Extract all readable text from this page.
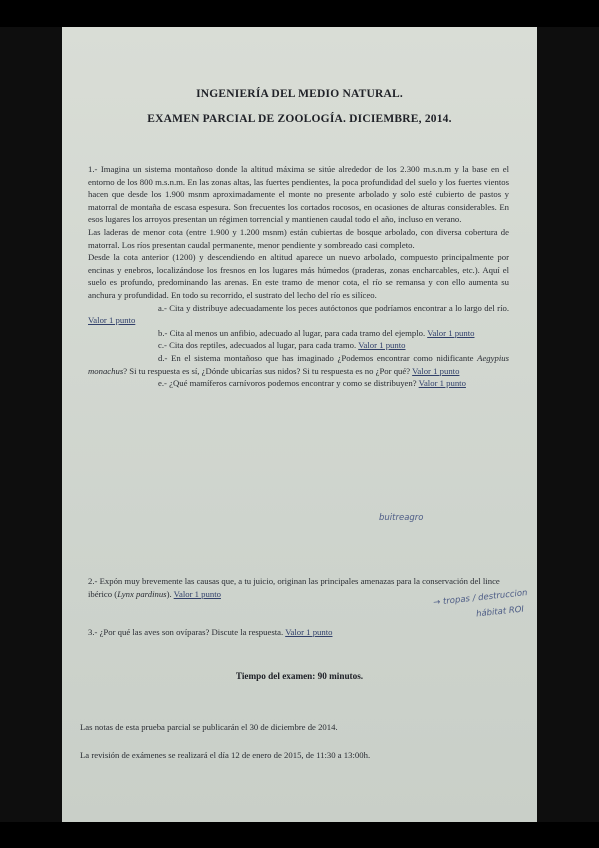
INGENIERÍA DEL MEDIO NATURAL.
EXAMEN PARCIAL DE ZOOLOGÍA. DICIEMBRE, 2014.

1.- Imagina un sistema montañoso donde la altitud máxima se sitúe alrededor de los 2.300 m.s.n.m y la base en el entorno de los 800 m.s.n.m. En las zonas altas, las fuertes pendientes, la poca profundidad del suelo y los fuertes vientos hacen que desde los 1.900 msnm aproximadamente el monte no presente arbolado y solo esté cubierto de pastos y matorral de montaña de escasa espesura. Son frecuentes los cortados rocosos, en ocasiones de alturas considerables. En esos lugares los arroyos presentan un régimen torrencial y mantienen caudal todo el año, incluso en verano.

Las laderas de menor cota (entre 1.900 y 1.200 msnm) están cubiertas de bosque arbolado, con diversa cobertura de matorral. Los ríos presentan caudal permanente, menor pendiente y sombreado casi completo.

Desde la cota anterior (1200) y descendiendo en altitud aparece un nuevo arbolado, compuesto principalmente por encinas y enebros, localizándose los fresnos en los lugares más húmedos (praderas, zonas encharcables, etc.). Aquí el suelo es profundo, predominando las arenas. En este tramo de menor cota, el río se remansa y con ello aumenta su anchura y profundidad. En todo su recorrido, el sustrato del lecho del río es silíceo.

a.- Cita y distribuye adecuadamente los peces autóctonos que podríamos encontrar a lo largo del río. Valor 1 punto

b.- Cita al menos un anfibio, adecuado al lugar, para cada tramo del ejemplo. Valor 1 punto

c.- Cita dos reptiles, adecuados al lugar, para cada tramo. Valor 1 punto

d.- En el sistema montañoso que has imaginado ¿Podemos encontrar como nidificante Aegypius monachus? Si tu respuesta es sí, ¿Dónde ubicarías sus nidos? Si tu respuesta es no ¿Por qué? Valor 1 punto

e.- ¿Qué mamíferos carnívoros podemos encontrar y como se distribuyen? Valor 1 punto

2.- Expón muy brevemente las causas que, a tu juicio, originan las principales amenazas para la conservación del lince ibérico (Lynx pardinus). Valor 1 punto
3.- ¿Por qué las aves son ovíparas? Discute la respuesta. Valor 1 punto
buitreagro
→ tropas / destruccion
hábitat ROI
Tiempo del examen: 90 minutos.
Las notas de esta prueba parcial se publicarán el 30 de diciembre de 2014.
La revisión de exámenes se realizará el día 12 de enero de 2015, de 11:30 a 13:00h.
